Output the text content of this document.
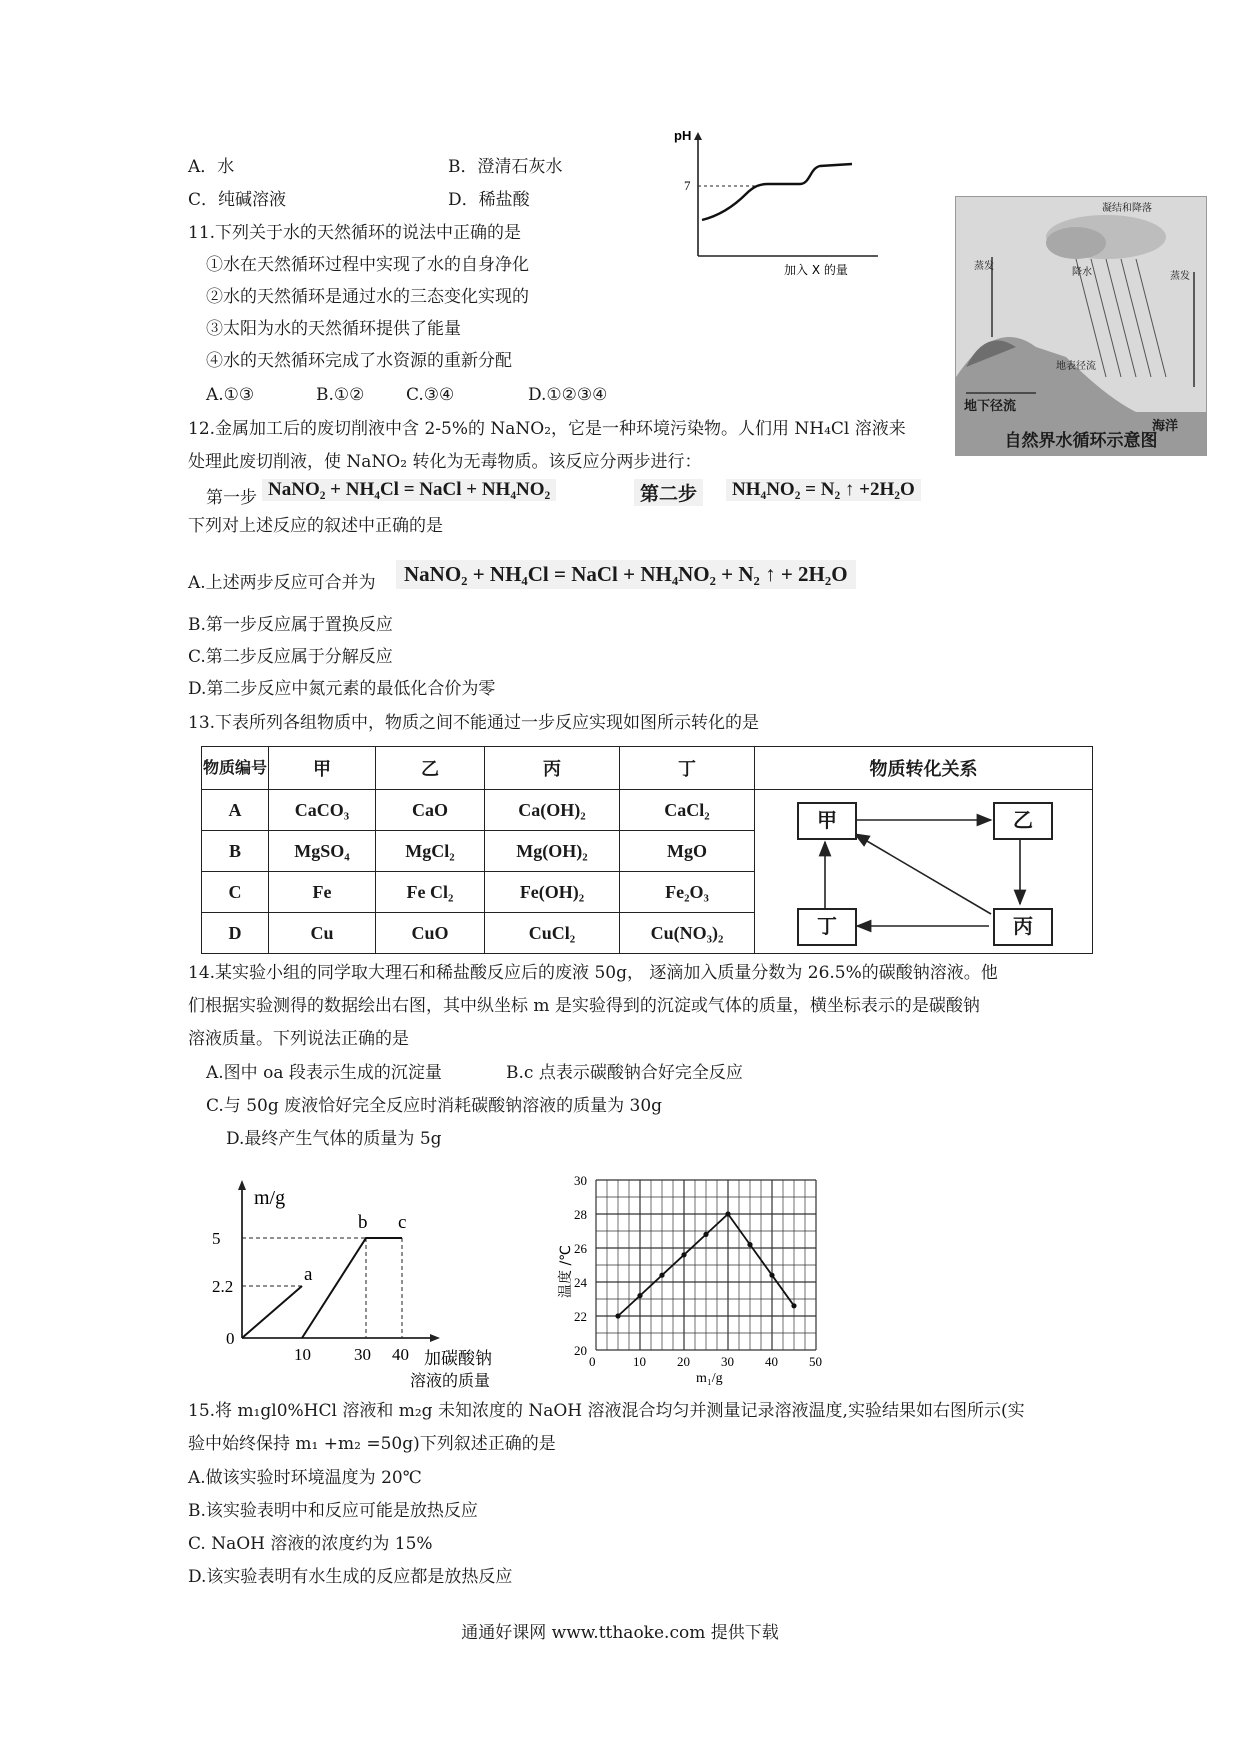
A．水	B．澄清石灰水
C．纯碱溶液	D．稀盐酸
pH
7
加入 X 的量
凝结和降落
蒸发
降水
地表径流
地下径流
海洋
蒸发
自然界水循环示意图
11.下列关于水的天然循环的说法中正确的是
①水在天然循环过程中实现了水的自身净化
②水的天然循环是通过水的三态变化实现的
③太阳为水的天然循环提供了能量
④水的天然循环完成了水资源的重新分配
A.①③	B.①② C.③④	D.①②③④
12.金属加工后的废切削液中含 2-5%的 NaNO₂，它是一种环境污染物。人们用 NH₄Cl 溶液来
处理此废切削液，使 NaNO₂ 转化为无毒物质。该反应分两步进行：
第一步 NaNO₂ + NH₄Cl = NaCl + NH₄NO₂	第二步	NH₄NO₂ = N₂ ↑ +2H₂O
下列对上述反应的叙述中正确的是
A.上述两步反应可合并为	NaNO₂ + NH₄Cl = NaCl + NH₄NO₂ + N₂ ↑ + 2H₂O
B.第一步反应属于置换反应
C.第二步反应属于分解反应
D.第二步反应中氮元素的最低化合价为零
13.下表所列各组物质中，物质之间不能通过一步反应实现如图所示转化的是
物质编号	甲	乙	丙	丁	物质转化关系
A	CaCO₃	CaO	Ca(OH)₂	CaCl₂	甲 乙
丙
丁

B	MgSO₄	MgCl₂	Mg(OH)₂	MgO	
C	Fe	Fe Cl₂	Fe(OH)₂	Fe₂O₃	
D	Cu	CuO	CuCl₂	Cu(NO₃)₂	
14.某实验小组的同学取大理石和稀盐酸反应后的废液 50g， 逐滴加入质量分数为 26.5%的碳酸钠溶液。他
们根据实验测得的数据绘出右图，其中纵坐标 m 是实验得到的沉淀或气体的质量，横坐标表示的是碳酸钠
溶液质量。下列说法正确的是
A.图中 oa 段表示生成的沉淀量	B.c 点表示碳酸钠合好完全反应
C.与 50g 废液恰好完全反应时消耗碳酸钠溶液的质量为 30g
D.最终产生气体的质量为 5g
m/g
5
2.2
0
10	30 40
a
b c
加碳酸钠
溶液的质量
0	10 20 30 40 50
20
22
24
26
28
30
温度 /℃
m₁/g
15.将 m₁gl0%HCl 溶液和 m₂g 未知浓度的 NaOH 溶液混合均匀并测量记录溶液温度,实验结果如右图所示(实
验中始终保持 m₁ +m₂ =50g)下列叙述正确的是
A.做该实验时环境温度为 20℃
B.该实验表明中和反应可能是放热反应
C. NaOH 溶液的浓度约为 15%
D.该实验表明有水生成的反应都是放热反应
通通好课网 www.tthaoke.com 提供下载
